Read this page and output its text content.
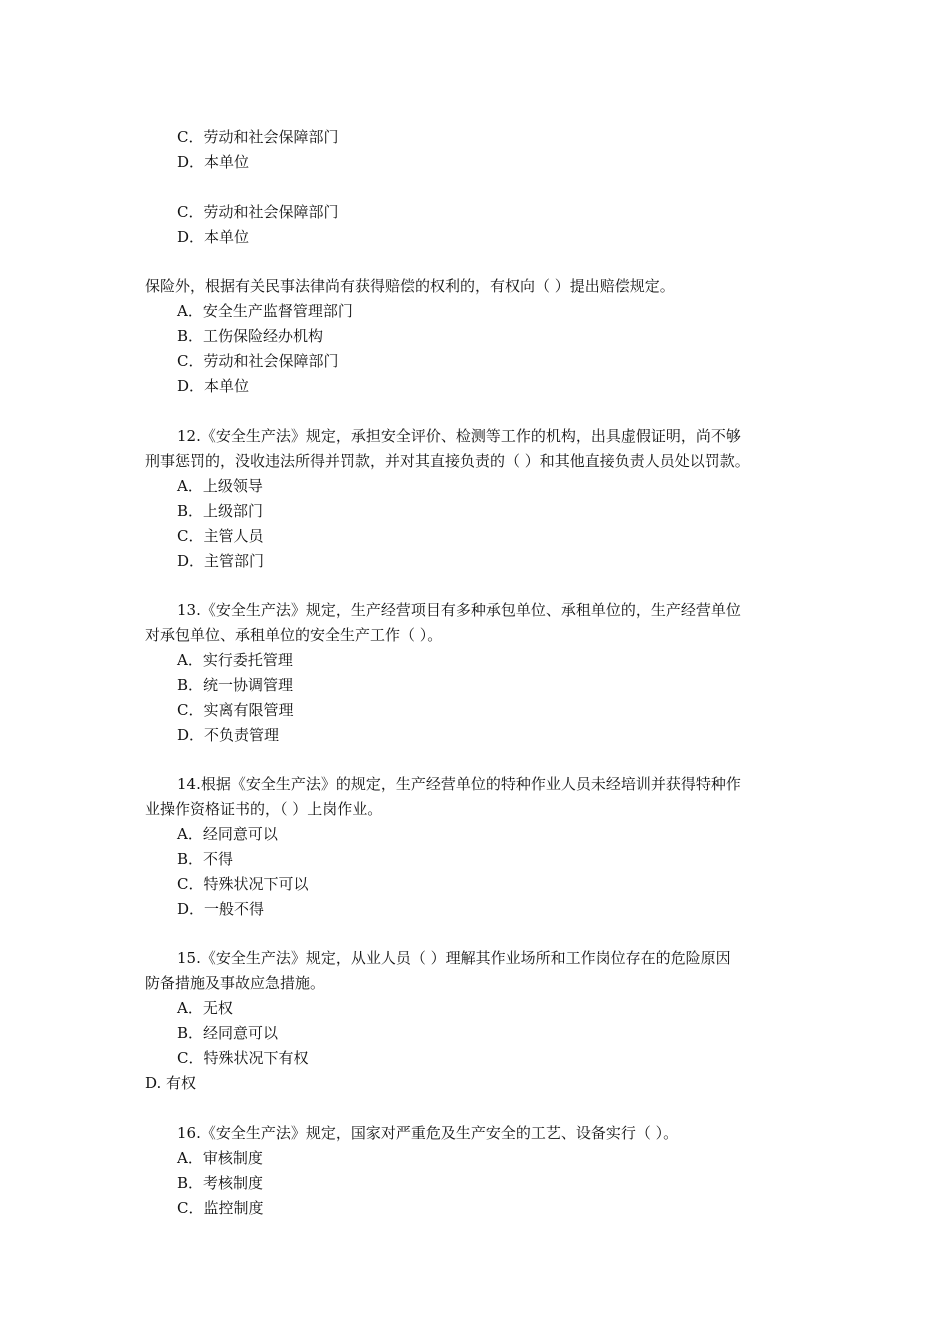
C．劳动和社会保障部门
D．本单位
C．劳动和社会保障部门
D．本单位
保险外，根据有关民事法律尚有获得赔偿的权利的，有权向（ ）提出赔偿规定。
A．安全生产监督管理部门
B．工伤保险经办机构
C．劳动和社会保障部门
D．本单位
12.《安全生产法》规定，承担安全评价、检测等工作的机构，出具虚假证明，尚不够
刑事惩罚的，没收违法所得并罚款，并对其直接负责的（ ）和其他直接负责人员处以罚款。
A．上级领导
B．上级部门
C．主管人员
D．主管部门
13.《安全生产法》规定，生产经营项目有多种承包单位、承租单位的，生产经营单位
对承包单位、承租单位的安全生产工作（ ）。
A．实行委托管理
B．统一协调管理
C．实离有限管理
D．不负责管理
14.根据《安全生产法》的规定，生产经营单位的特种作业人员未经培训并获得特种作
业操作资格证书的，（ ）上岗作业。
A．经同意可以
B．不得
C．特殊状况下可以
D．一般不得
15.《安全生产法》规定，从业人员（ ）理解其作业场所和工作岗位存在的危险原因
防备措施及事故应急措施。
A．无权
B．经同意可以
C．特殊状况下有权
D. 有权
16.《安全生产法》规定，国家对严重危及生产安全的工艺、设备实行（ ）。
A．审核制度
B．考核制度
C．监控制度
